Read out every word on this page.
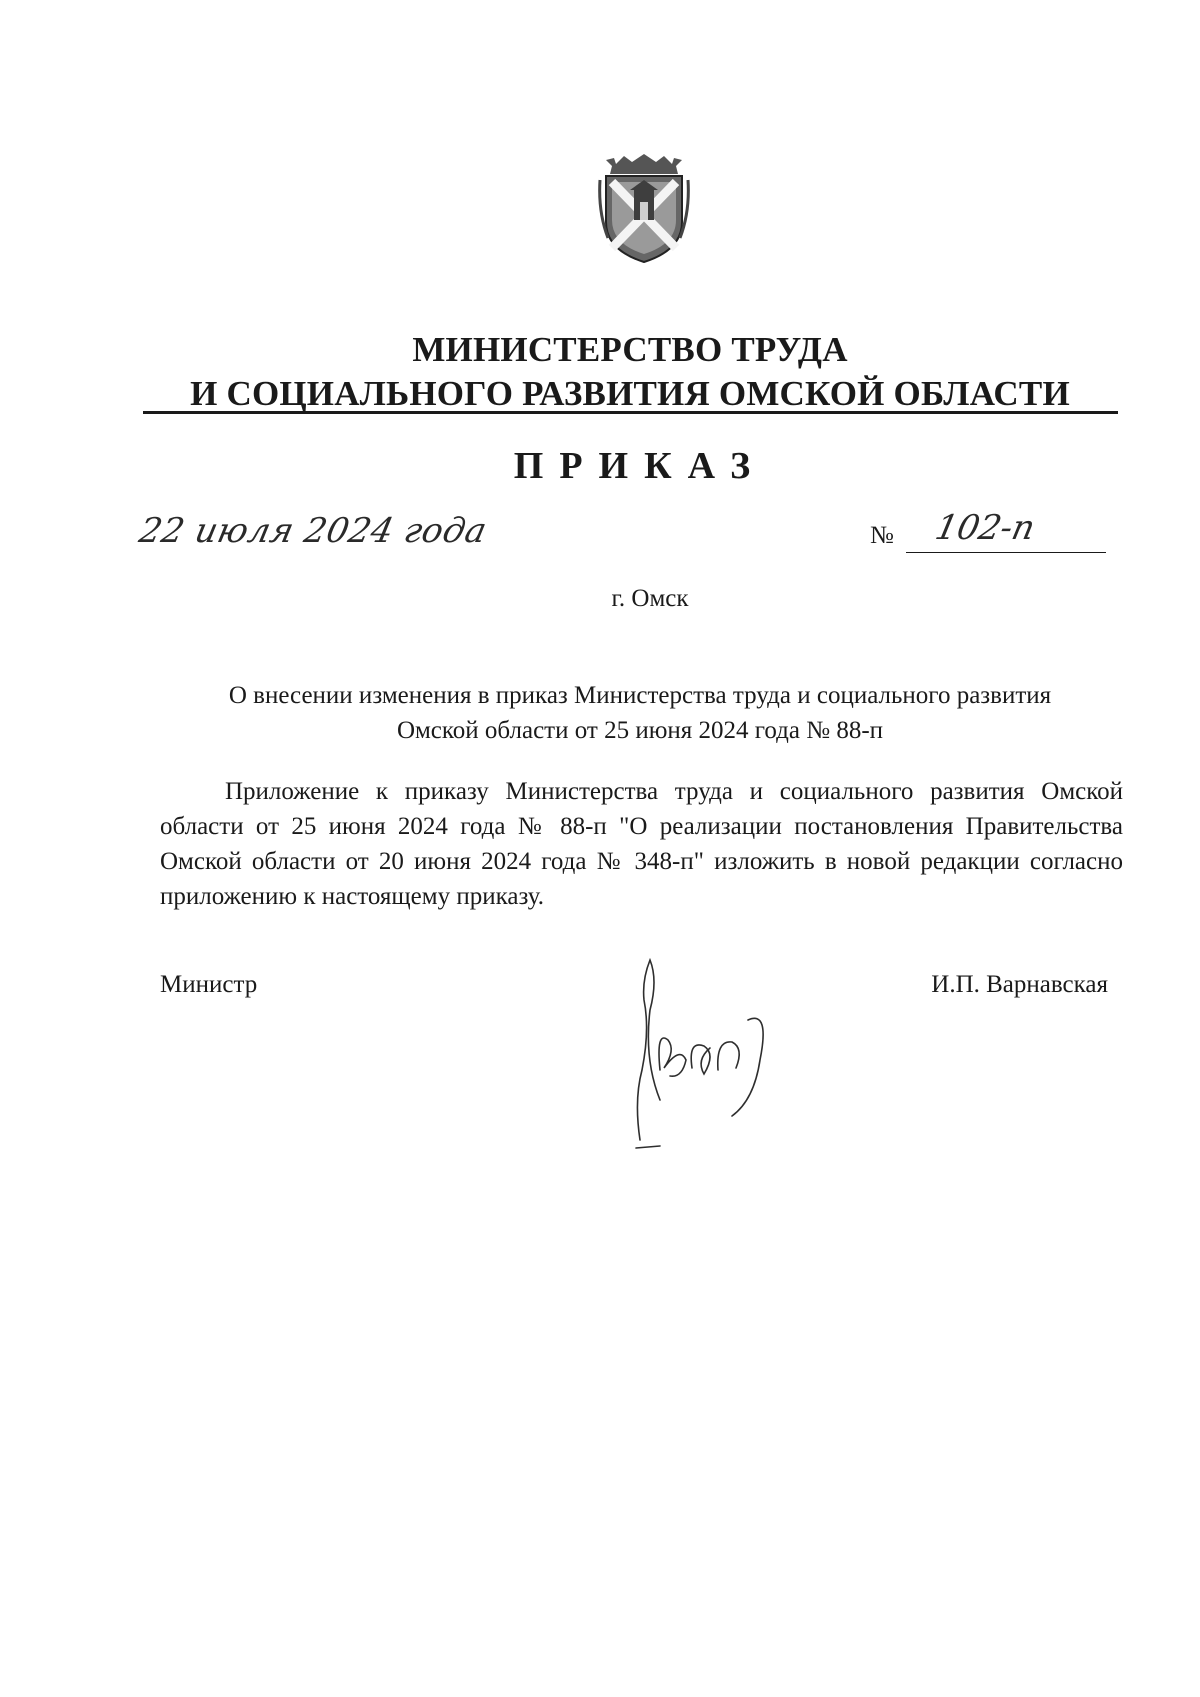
МИНИСТЕРСТВО ТРУДА
И СОЦИАЛЬНОГО РАЗВИТИЯ ОМСКОЙ ОБЛАСТИ
ПРИКАЗ
22 июля 2024 года	№ 102-п
г. Омск
О внесении изменения в приказ Министерства труда и социального развития
Омской области от 25 июня 2024 года № 88-п

Приложение к приказу Министерства труда и социального развития Омской области от 25 июня 2024 года № 88-п "О реализации постановления Правительства Омской области от 20 июня 2024 года № 348-п" изложить в новой редакции согласно приложению к настоящему приказу.

Министр	И.П. Варнавская
